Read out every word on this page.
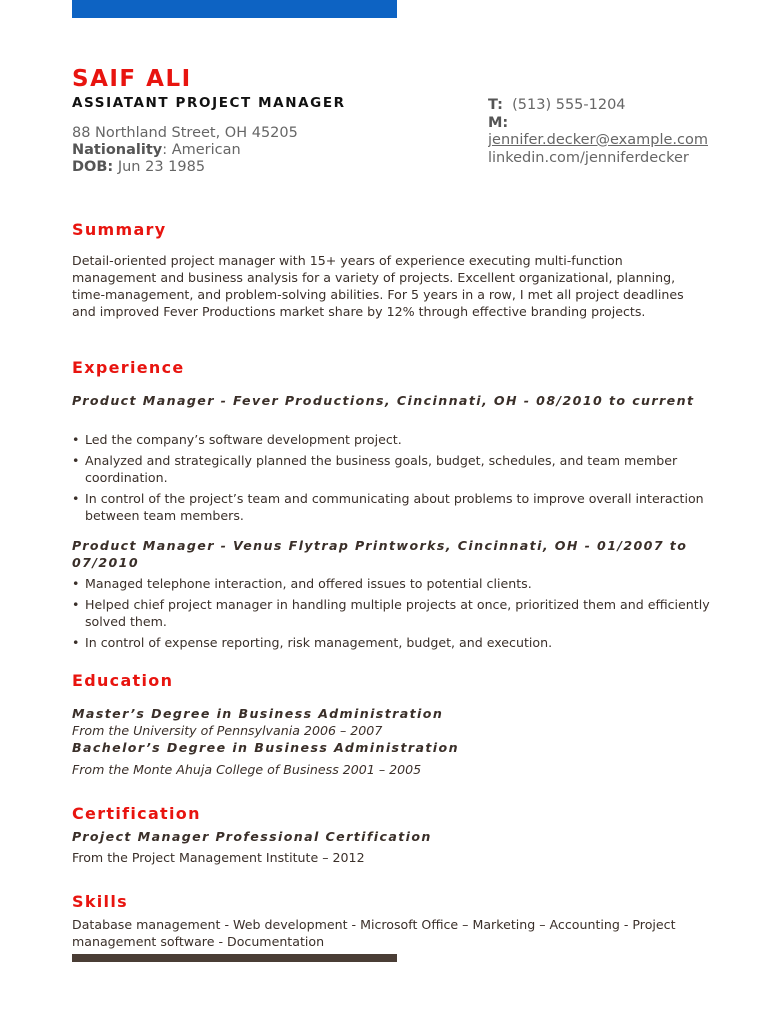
SAIF ALI
ASSIATANT PROJECT MANAGER
88 Northland Street, OH 45205
Nationality: American
DOB: Jun 23 1985
T: (513) 555-1204
M:
jennifer.decker@example.com
linkedin.com/jenniferdecker
Summary
Detail-oriented project manager with 15+ years of experience executing multi-function management and business analysis for a variety of projects. Excellent organizational, planning, time-management, and problem-solving abilities. For 5 years in a row, I met all project deadlines and improved Fever Productions market share by 12% through effective branding projects.
Experience
Product Manager - Fever Productions, Cincinnati, OH - 08/2010 to current
• Led the company’s software development project.
• Analyzed and strategically planned the business goals, budget, schedules, and team member coordination.
• In control of the project’s team and communicating about problems to improve overall interaction between team members.
Product Manager - Venus Flytrap Printworks, Cincinnati, OH - 01/2007 to 07/2010
• Managed telephone interaction, and offered issues to potential clients.
• Helped chief project manager in handling multiple projects at once, prioritized them and efficiently solved them.
• In control of expense reporting, risk management, budget, and execution.
Education
Master’s Degree in Business Administration
From the University of Pennsylvania 2006 – 2007
Bachelor’s Degree in Business Administration
From the Monte Ahuja College of Business 2001 – 2005
Certification
Project Manager Professional Certification
From the Project Management Institute – 2012
Skills
Database management - Web development - Microsoft Office – Marketing – Accounting - Project management software - Documentation
